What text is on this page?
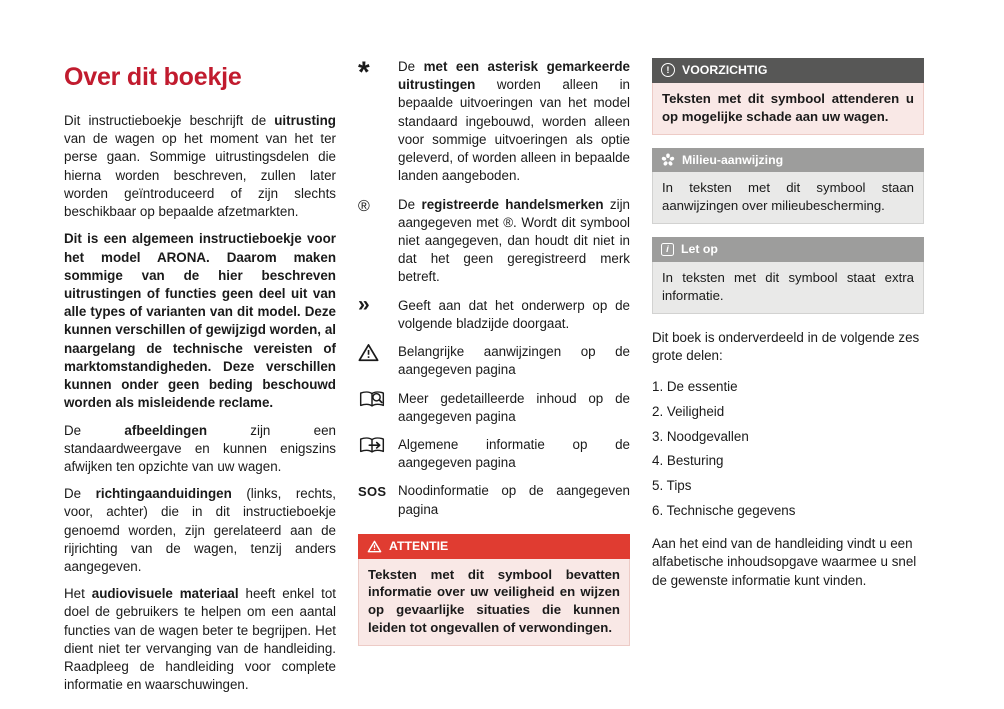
Over dit boekje

Dit instructieboekje beschrijft de uitrusting van de wagen op het moment van het ter perse gaan. Sommige uitrustingsdelen die hierna worden beschreven, zullen later worden geïntroduceerd of zijn slechts beschikbaar op bepaalde afzetmarkten.

Dit is een algemeen instructieboekje voor het model ARONA. Daarom maken sommige van de hier beschreven uitrustingen of functies geen deel uit van alle types of varianten van dit model. Deze kunnen verschillen of gewijzigd worden, al naargelang de technische vereisten of marktomstandigheden. Deze verschillen kunnen onder geen beding beschouwd worden als misleidende reclame.

De afbeeldingen zijn een standaardweergave en kunnen enigszins afwijken ten opzichte van uw wagen.

De richtingaanduidingen (links, rechts, voor, achter) die in dit instructieboekje genoemd worden, zijn gerelateerd aan de rijrichting van de wagen, tenzij anders aangegeven.

Het audiovisuele materiaal heeft enkel tot doel de gebruikers te helpen om een aantal functies van de wagen beter te begrijpen. Het dient niet ter vervanging van de handleiding. Raadpleeg de handleiding voor complete informatie en waarschuwingen.

*	De met een asterisk gemarkeerde uitrustingen worden alleen in bepaalde uitvoeringen van het model standaard ingebouwd, worden alleen voor sommige uitvoeringen als optie geleverd, of worden alleen in bepaalde landen aangeboden.
®	De registreerde handelsmerken zijn aangegeven met ®. Wordt dit symbool niet aangegeven, dan houdt dit niet in dat het geen geregistreerd merk betreft.
»	Geeft aan dat het onderwerp op de volgende bladzijde doorgaat.
Belangrijke aanwijzingen op de aangegeven pagina
Meer gedetailleerde inhoud op de aangegeven pagina
Algemene informatie op de aangegeven pagina
SOS Noodinformatie op de aangegeven pagina
ATTENTIE
Teksten met dit symbool bevatten informatie over uw veiligheid en wijzen op gevaarlijke situaties die kunnen leiden tot ongevallen of verwondingen.
!	VOORZICHTIG
Teksten met dit symbool attenderen u op mogelijke schade aan uw wagen.
Milieu-aanwijzing
In teksten met dit symbool staan aanwijzingen over milieubescherming.
i Let op
In teksten met dit symbool staat extra informatie.

Dit boek is onderverdeeld in de volgende zes grote delen:

1. De essentie

2. Veiligheid

3. Noodgevallen

4. Besturing

5. Tips

6. Technische gegevens

Aan het eind van de handleiding vindt u een alfabetische inhoudsopgave waarmee u snel de gewenste informatie kunt vinden.
